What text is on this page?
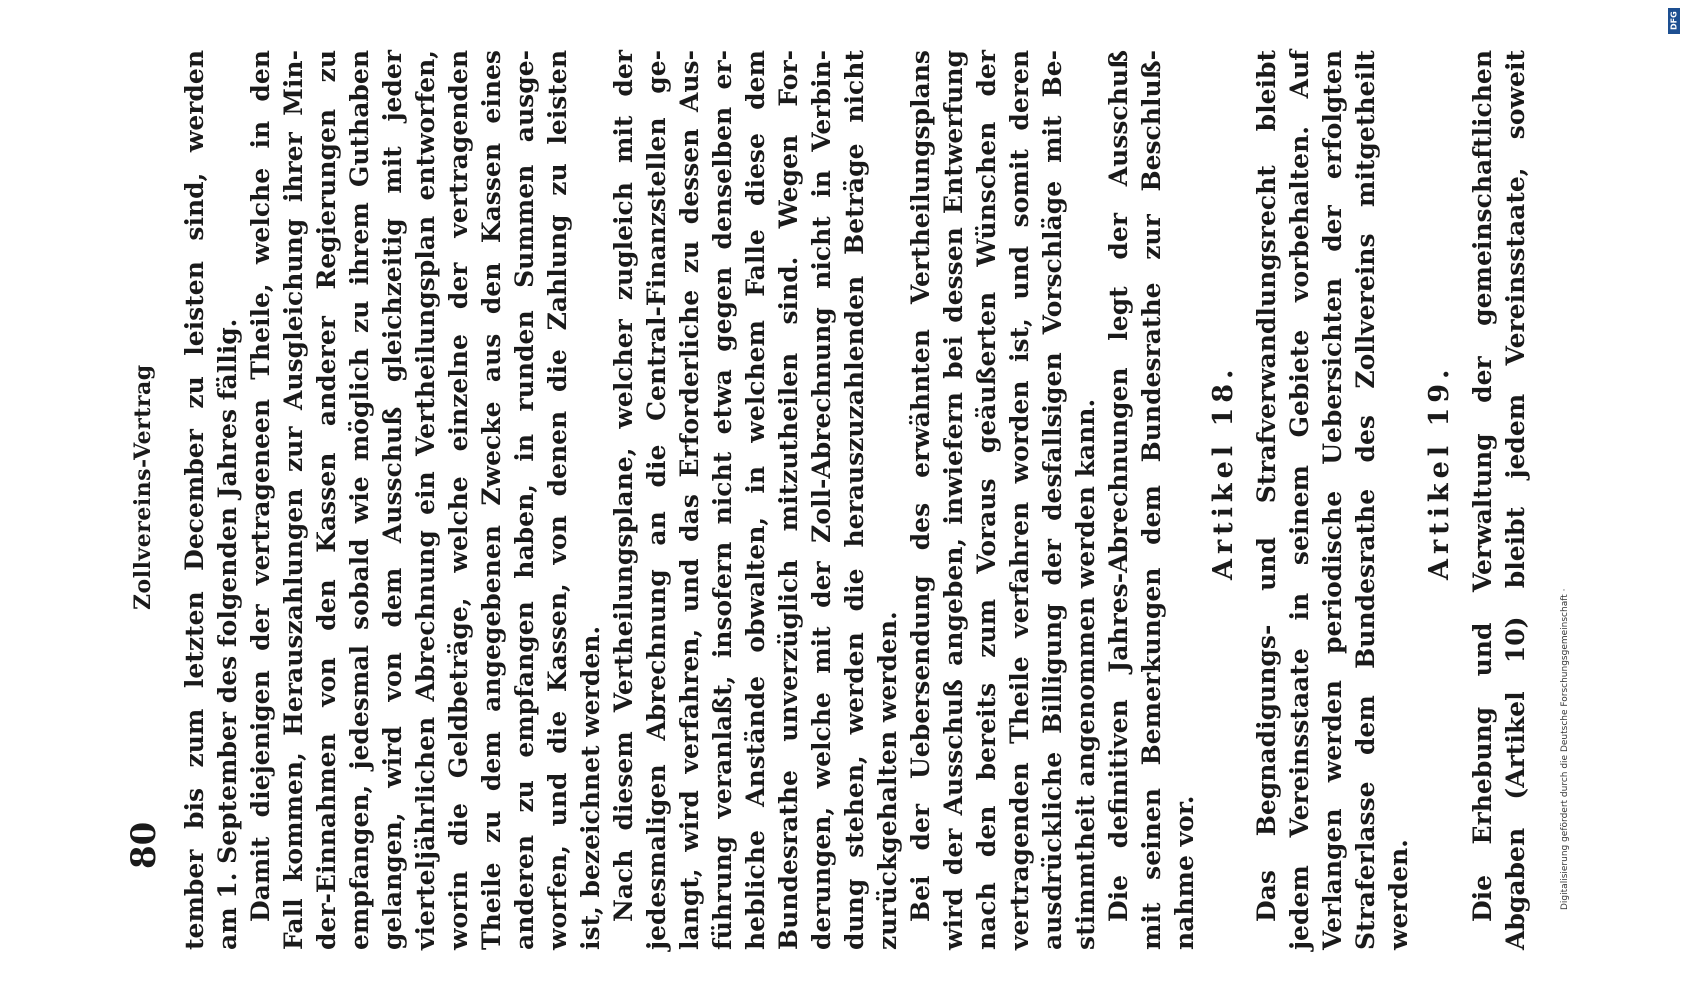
80
Zollvereins-Vertrag tember bis zum letzten December zu leisten sind, werden am 1. September des folgenden Jahres fällig. Damit diejenigen der vertrageneen Theile, welche in den Fall kommen, Herauszahlungen zur Ausgleichung ihrer Min- der-Einnahmen von den Kassen anderer Regierungen zu empfangen, jedesmal sobald wie möglich zu ihrem Guthaben gelangen, wird von dem Ausschuß gleichzeitig mit jeder vierteljährlichen Abrechnung ein Vertheilungsplan entworfen, worin die Geldbeträge, welche einzelne der vertragenden Theile zu dem angegebenen Zwecke aus den Kassen eines anderen zu empfangen haben, in runden Summen ausge- worfen, und die Kassen, von denen die Zahlung zu leisten ist, bezeichnet werden. Nach diesem Vertheilungsplane, welcher zugleich mit der jedesmaligen Abrechnung an die Central-Finanzstellen ge- langt, wird verfahren, und das Erforderliche zu dessen Aus- führung veranlaßt, insofern nicht etwa gegen denselben er- hebliche Anstände obwalten, in welchem Falle diese dem Bundesrathe unverzüglich mitzutheilen sind. Wegen For- derungen, welche mit der Zoll-Abrechnung nicht in Verbin- dung stehen, werden die herauszuzahlenden Beträge nicht zurückgehalten werden. Bei der Uebersendung des erwähnten Vertheilungsplans wird der Ausschuß angeben, inwiefern bei dessen Entwerfung nach den bereits zum Voraus geäußerten Wünschen der vertragenden Theile verfahren worden ist, und somit deren ausdrückliche Billigung der desfallsigen Vorschläge mit Be- stimmtheit angenommen werden kann. Die definitiven Jahres-Abrechnungen legt der Ausschuß mit seinen Bemerkungen dem Bundesrathe zur Beschluß- nahme vor.
Artikel 18. Das Begnadigungs- und Strafverwandlungsrecht bleibt jedem Vereinsstaate in seinem Gebiete vorbehalten. Auf Verlangen werden periodische Uebersichten der erfolgten Straferlasse dem Bundesrathe des Zollvereins mitgetheilt werden.
Artikel 19. Die Erhebung und Verwaltung der gemeinschaftlichen Abgaben (Artikel 10) bleibt jedem Vereinsstaate, soweit	Digitalisierung gefördert durch die Deutsche Forschungsgemeinschaft ·
DFG
